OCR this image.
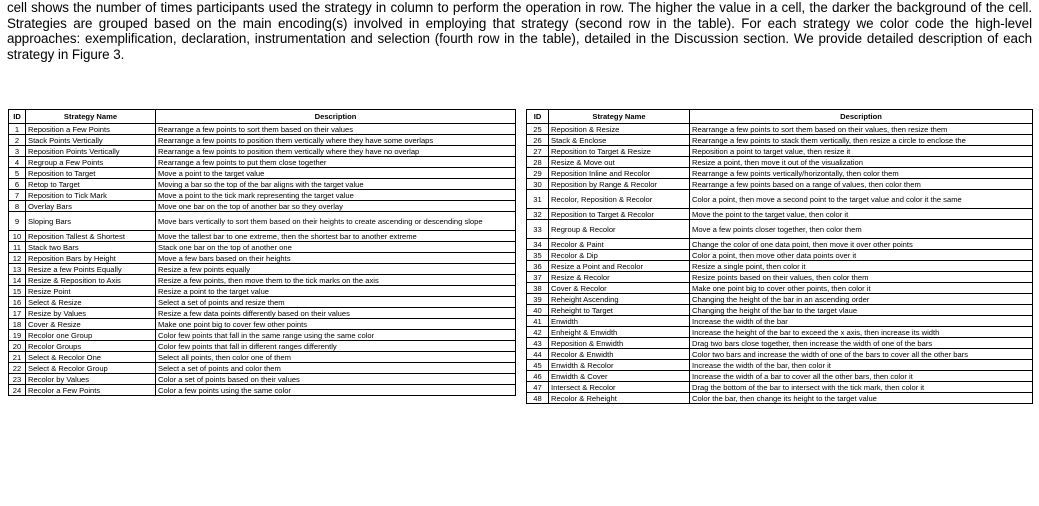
cell shows the number of times participants used the strategy in column to perform the operation in row. The higher the value in a cell, the darker the background of the cell. Strategies are grouped based on the main encoding(s) involved in employing that strategy (second row in the table). For each strategy we color code the high-level approaches: exemplification, declaration, instrumentation and selection (fourth row in the table), detailed in the Discussion section. We provide detailed description of each strategy in Figure 3.

ID	Strategy Name	Description
1	Reposition a Few Points	Rearrange a few points to sort them based on their values
2	Stack Points Vertically	Rearrange a few points to position them vertically where they have some overlaps
3	Reposition Points Vertically	Rearrange a few points to position them vertically where they have no overlap
4	Regroup a Few Points	Rearrange a few points to put them close together
5	Reposition to Target	Move a point to the target value
6	Retop to Target	Moving a bar so the top of the bar aligns with the target value
7	Reposition to Tick Mark	Move a point to the tick mark representing the target value
8	Overlay Bars	Move one bar on the top of another bar so they overlay
9	Sloping Bars	Move bars vertically to sort them based on their heights to create ascending or descending slope
10	Reposition Tallest & Shortest	Move the tallest bar to one extreme, then the shortest bar to another extreme
11	Stack two Bars	Stack one bar on the top of another one
12	Reposition Bars by Height	Move a few bars based on their heights
13	Resize a few Points Equally	Resize a few points equally
14	Resize & Reposition to Axis	Resize a few points, then move them to the tick marks on the axis
15	Resize Point	Resize a point to the target value
16	Select & Resize	Select a set of points and resize them
17	Resize by Values	Resize a few data points differently based on their values
18	Cover & Resize	Make one point big to cover few other points
19	Recolor one Group	Color few points that fall in the same range using the same color
20	Recolor Groups	Color few points that fall in different ranges differently
21	Select & Recolor One	Select all points, then color one of them
22	Select & Recolor Group	Select a set of points and color them
23	Recolor by Values	Color a set of points based on their values
24	Recolor a Few Points	Color a few points using the same color
ID	Strategy Name	Description
25	Reposition & Resize	Rearrange a few points to sort them based on their values, then resize them
26	Stack & Enclose	Rearrange a few points to stack them vertically, then resize a circle to enclose the
27	Reposition to Target & Resize	Reposition a point to target value, then resize it
28	Resize & Move out	Resize a point, then move it out of the visualization
29	Reposition Inline and Recolor	Rearrange a few points vertically/horizontally, then color them
30	Reposition by Range & Recolor	Rearrange a few points based on a range of values, then color them
31	Recolor, Reposition & Recolor	Color a point, then move a second point to the target value and color it the same
32	Reposition to Target & Recolor	Move the point to the target value, then color it
33	Regroup & Recolor	Move a few points closer together, then color them
34	Recolor & Paint	Change the color of one data point, then move it over other points
35	Recolor & Dip	Color a point, then move other data points over it
36	Resize a Point and Recolor	Resize a single point, then color it
37	Resize & Recolor	Resize points based on their values, then color them
38	Cover & Recolor	Make one point big to cover other points, then color it
39	Reheight Ascending	Changing the height of the bar in an ascending order
40	Reheight to Target	Changing the height of the bar to the target vlaue
41	Enwidth	Increase the width of the bar
42	Enheight & Enwidth	Increase the height of the bar to exceed the x axis, then increase its width
43	Reposition & Enwidth	Drag two bars close together, then increase the width of one of the bars
44	Recolor & Enwidth	Color two bars and increase the width of one of the bars to cover all the other bars
45	Enwidth & Recolor	Increase the width of the bar, then color it
46	Enwidth & Cover	Increase the width of a bar to cover all the other bars, then color it
47	Intersect & Recolor	Drag the bottom of the bar to intersect with the tick mark, then color it
48	Recolor & Reheight	Color the bar, then change its height to the target value
